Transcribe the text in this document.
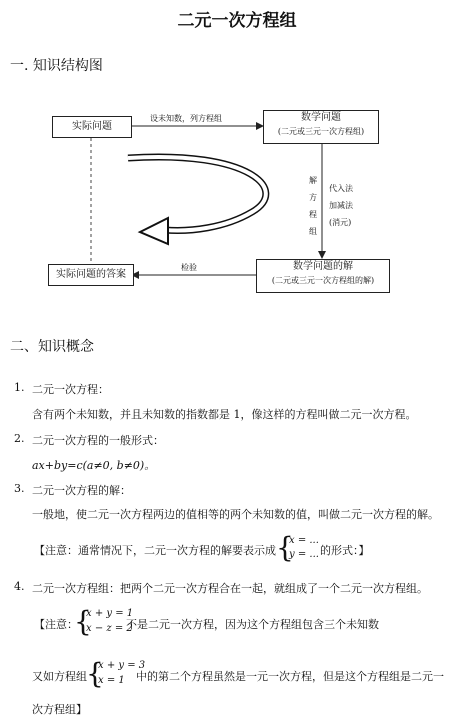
二元一次方程组
一. 知识结构图
实际问题
设未知数，列方程组	数学问题
(二元或三元一次方程组)
解
方
程
组
代入法
加减法
(消元)
数学问题的解
(二元或三元一次方程组的解)
检验
实际问题的答案
二、知识概念
1. 二元一次方程：
含有两个未知数，并且未知数的指数都是 1，像这样的方程叫做二元一次方程。
2. 二元一次方程的一般形式：
ax+by=c(a≠0, b≠0)。
3. 二元一次方程的解：
一般地，使二元一次方程两边的值相等的两个未知数的值，叫做二元一次方程的解。
【注意：通常情况下，二元一次方程的解要表示成 {
x = ...
y = ... 的形式：】
4. 二元一次方程组：把两个二元一次方程合在一起，就组成了一个二元一次方程组。
【注意：
{
x + y = 1
x − z = 2
不是二元一次方程，因为这个方程组包含三个未知数
又如方程组 {
x + y = 3
x = 1 中的第二个方程虽然是一元一次方程，但是这个方程组是二元一
次方程组】
